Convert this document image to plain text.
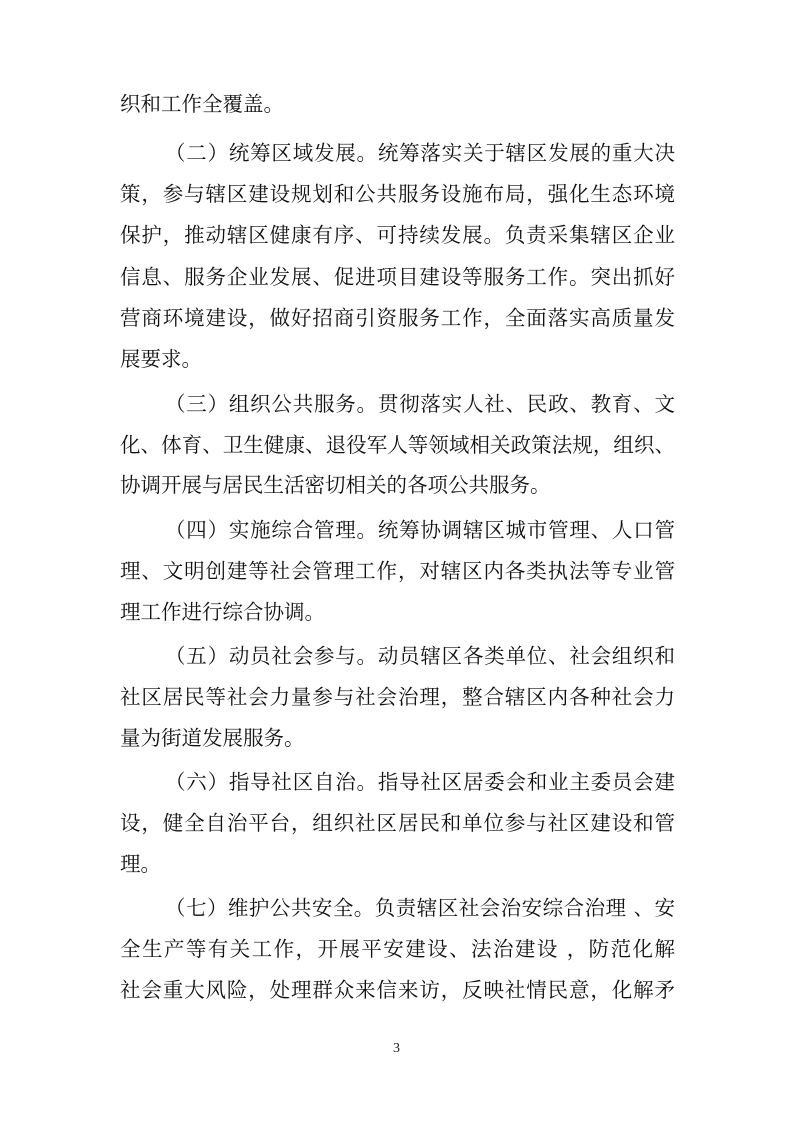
织和工作全覆盖。
（二）统筹区域发展。统筹落实关于辖区发展的重大决
策，参与辖区建设规划和公共服务设施布局，强化生态环境
保护，推动辖区健康有序、可持续发展。负责采集辖区企业
信息、服务企业发展、促进项目建设等服务工作。突出抓好
营商环境建设，做好招商引资服务工作，全面落实高质量发
展要求。
（三）组织公共服务。贯彻落实人社、民政、教育、文
化、体育、卫生健康、退役军人等领域相关政策法规，组织、
协调开展与居民生活密切相关的各项公共服务。
（四）实施综合管理。统筹协调辖区城市管理、人口管
理、文明创建等社会管理工作，对辖区内各类执法等专业管
理工作进行综合协调。
（五）动员社会参与。动员辖区各类单位、社会组织和
社区居民等社会力量参与社会治理，整合辖区内各种社会力
量为街道发展服务。
（六）指导社区自治。指导社区居委会和业主委员会建
设，健全自治平台，组织社区居民和单位参与社区建设和管
理。
（七）维护公共安全。负责辖区社会治安综合治理 、安
全生产等有关工作，开展平安建设、法治建设 ，防范化解
社会重大风险，处理群众来信来访，反映社情民意，化解矛
3
